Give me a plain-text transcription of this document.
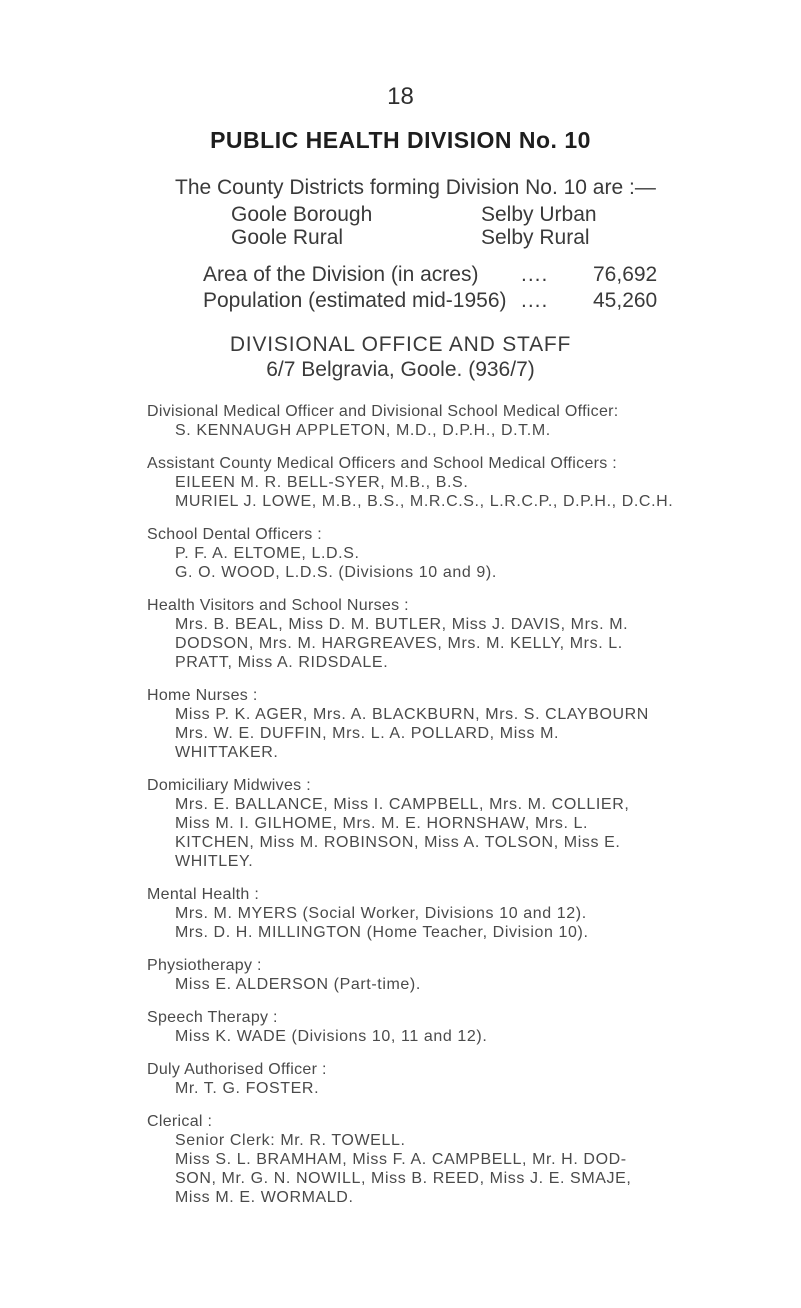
18
PUBLIC HEALTH DIVISION No. 10
The County Districts forming Division No. 10 are :—
Goole Borough	Selby Urban
Goole Rural	Selby Rural
Area of the Division (in acres)	....	76,692
Population (estimated mid-1956) ....	45,260
DIVISIONAL OFFICE AND STAFF
6/7 Belgravia, Goole. (936/7)
Divisional Medical Officer and Divisional School Medical Officer:
S. KENNAUGH APPLETON, M.D., D.P.H., D.T.M.
Assistant County Medical Officers and School Medical Officers :
EILEEN M. R. BELL-SYER, M.B., B.S.
MURIEL J. LOWE, M.B., B.S., M.R.C.S., L.R.C.P., D.P.H., D.C.H.
School Dental Officers :
P. F. A. ELTOME, L.D.S.
G. O. WOOD, L.D.S. (Divisions 10 and 9).
Health Visitors and School Nurses :
Mrs. B. BEAL, Miss D. M. BUTLER, Miss J. DAVIS, Mrs. M.
DODSON, Mrs. M. HARGREAVES, Mrs. M. KELLY, Mrs. L.
PRATT, Miss A. RIDSDALE.
Home Nurses :
Miss P. K. AGER, Mrs. A. BLACKBURN, Mrs. S. CLAYBOURN
Mrs. W. E. DUFFIN, Mrs. L. A. POLLARD, Miss M.
WHITTAKER.
Domiciliary Midwives :
Mrs. E. BALLANCE, Miss I. CAMPBELL, Mrs. M. COLLIER,
Miss M. I. GILHOME, Mrs. M. E. HORNSHAW, Mrs. L.
KITCHEN, Miss M. ROBINSON, Miss A. TOLSON, Miss E.
WHITLEY.
Mental Health :
Mrs. M. MYERS (Social Worker, Divisions 10 and 12).
Mrs. D. H. MILLINGTON (Home Teacher, Division 10).
Physiotherapy :
Miss E. ALDERSON (Part-time).
Speech Therapy :
Miss K. WADE (Divisions 10, 11 and 12).
Duly Authorised Officer :
Mr. T. G. FOSTER.
Clerical :
Senior Clerk: Mr. R. TOWELL.
Miss S. L. BRAMHAM, Miss F. A. CAMPBELL, Mr. H. DOD-
SON, Mr. G. N. NOWILL, Miss B. REED, Miss J. E. SMAJE,
Miss M. E. WORMALD.
